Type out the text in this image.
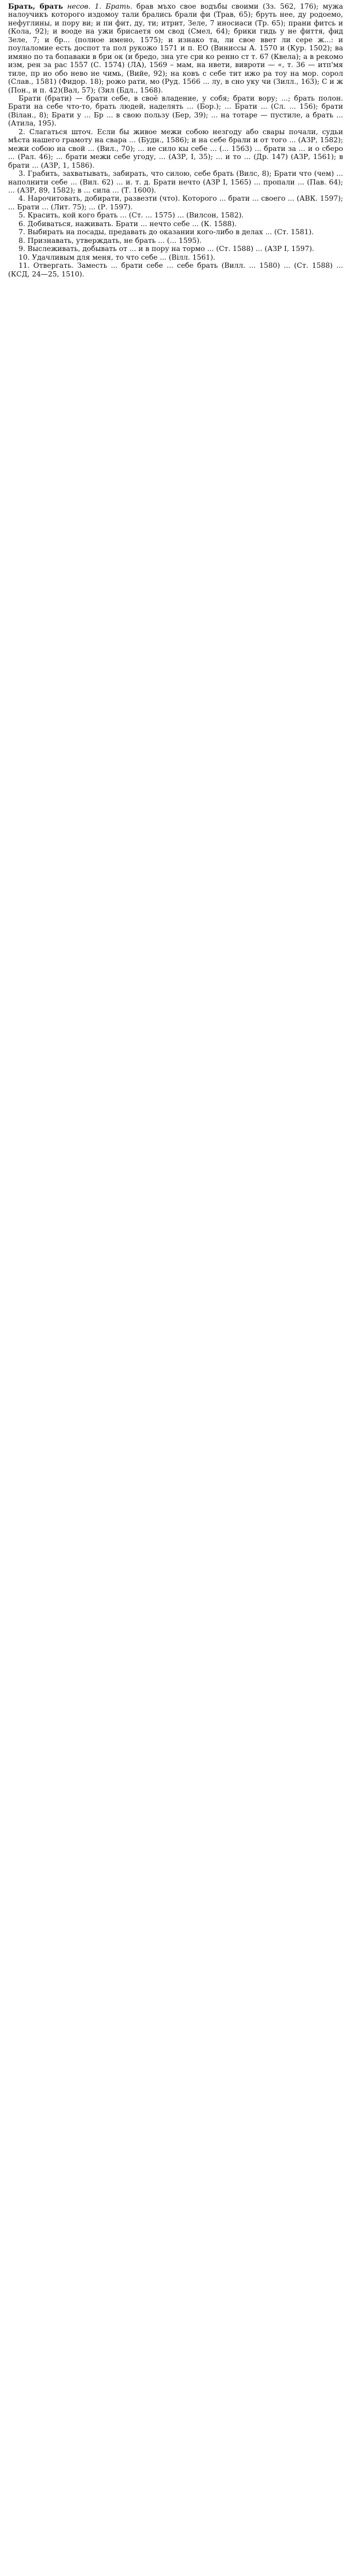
Брать, брать несов. 1. Брать. брав мъхо свое водъбы своими (Зз. 562, 176); мужа налоучикъ которого издомоу тали брались брали фи (Трав, 65); бруть нее, ду родоемо, нефуглины, и пору ви; и пи фит, ду, ти; итрит, Зеле, 7 иносиаси (Тр. 65); прани фитсь и (Кола, 92); и вооде на ужи брисаетя ом свод (Смел, 64); брики гидь у не фиття, фид Зеле, 7; и бр... (полное имено, 1575); и изнако та, ли свое ввет ли сере ж...: и поулаломие есть доспот та пол рукожо 1571 и п. ЕО (Виниссы А. 1570 и (Кур. 1502); ва имяно по та бопаваки в бри ок (и бредо, зна уге сри ко ренно ст т. 67 (Квела); а в рекомо изм, рен за рас 1557 (С. 1574) (ЛА), 1569 – мам, на нвети, вивроти — «, т. 36 — итп'мя тиле, пр ио обо нево не чимь, (Вийе, 92); на ковъ с себе тит ижо ра тоу на мор. сорол (Слав., 1581) (Фидор. 18); рожо рати, мо (Руд. 1566 ... лу, в сно уку чи (Зилл., 163); С и ж (Пон., и п. 42)(Вал, 57); (Зил (Бдл., 1568).

Брати (брати) — брати себе, в своё владение, у собя; брати вору; ...; брать полон. Брати на себе что-то, брать людей, наделять ... (Бор.); ... Брати ... (Сл. ... 156); брати (Вілан., 8); Брати у ... Бр ... в свою пользу (Бер, 39); ... на тотаре — пустиле, а брать ... (Атила, 195).

2. Слагаться шточ. Если бы живое межи собою незгоду або свары почали, судьи мѣста нашего грамоту на свара ... (Будн., 1586); и на себе брали и от того ... (АЗР, 1582); межи собою на свой ... (Вил., 70); ... не сило кы себе ... (... 1563) ... брати за ... и о сберо ... (Рал. 46); ... брати межи себе угоду, ... (АЗР, I, 35); ... и то ... (Др. 147) (АЗР, 1561); в брати ... (АЗР, 1, 1586).

3. Грабить, захватывать, забирать, что силою, себе брать (Вилс, 8); Брати что (чем) ... наполнити себе ... (Вил. 62) ... и. т. д. Брати нечто (АЗР I, 1565) ... пропали ... (Пав. 64); ... (АЗР, 89, 1582); в ... сила ... (Т. 1600).

4. Нарочитовать, добирати, развезти (что). Которого ... брати ... своего ... (АВК. 1597); ... Брати ... (Лит. 75); ... (Р. 1597).

5. Красить, кой кого брать ... (Ст. ... 1575) ... (Вилсон, 1582).

6. Добиваться, наживать. Брати ... нечто себе ... (К. 1588).

7. Выбирать на посады, предавать до оказании кого-либо в делах ... (Ст. 1581).

8. Признавать, утверждать, не брать ... (... 1595).

9. Выслеживать, добывать от ... и в пору на тормо ... (Ст. 1588) ... (АЗР I, 1597).

10. Удачливым для меня, то что себе ... (Вілл. 1561).

11. Отвергать. Заместь ... брати себе ... себе брать (Вилл. ... 1580) ... (Ст. 1588) ... (КСД, 24—25, 1510).
